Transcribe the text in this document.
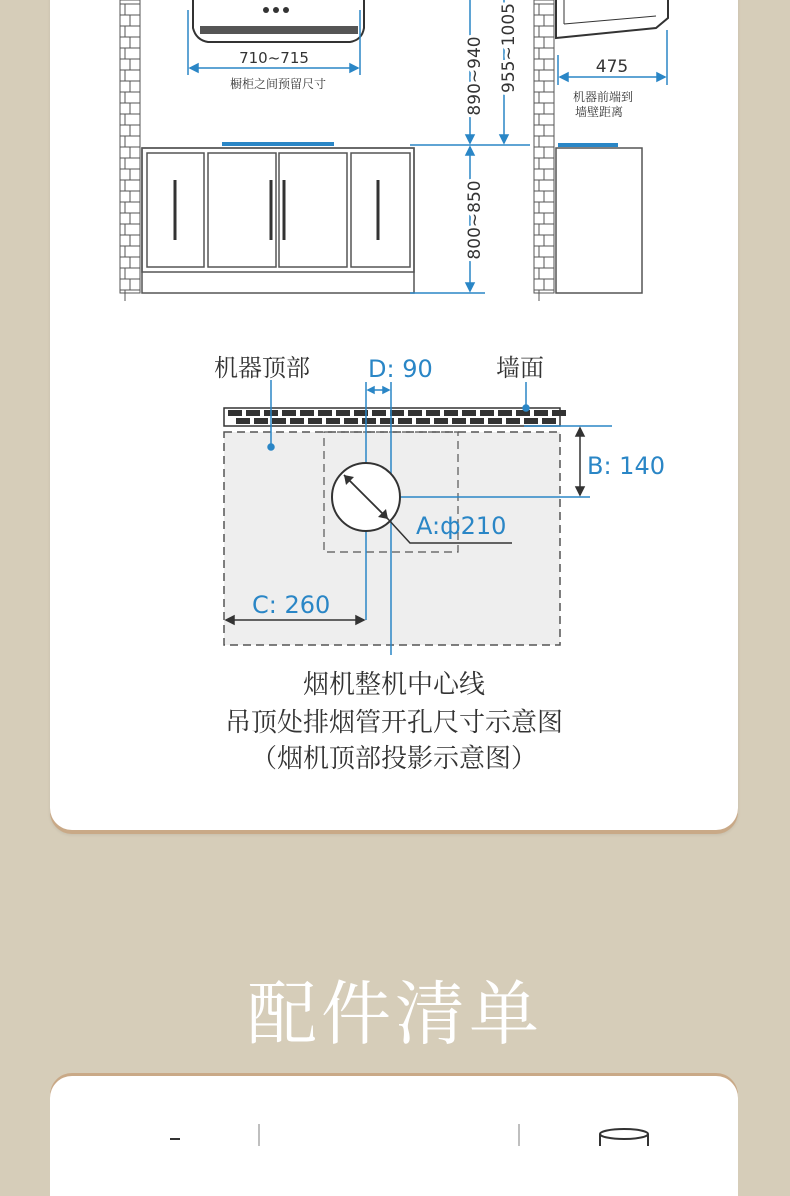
710~715
橱柜之间预留尺寸	890~940 955~1005
800~850
475
机器前端到
墙壁距离
机器顶部	墙面
D: 90
B: 140
A:ф210
C: 260
烟机整机中心线
吊顶处排烟管开孔尺寸示意图
（烟机顶部投影示意图）
配件清单
